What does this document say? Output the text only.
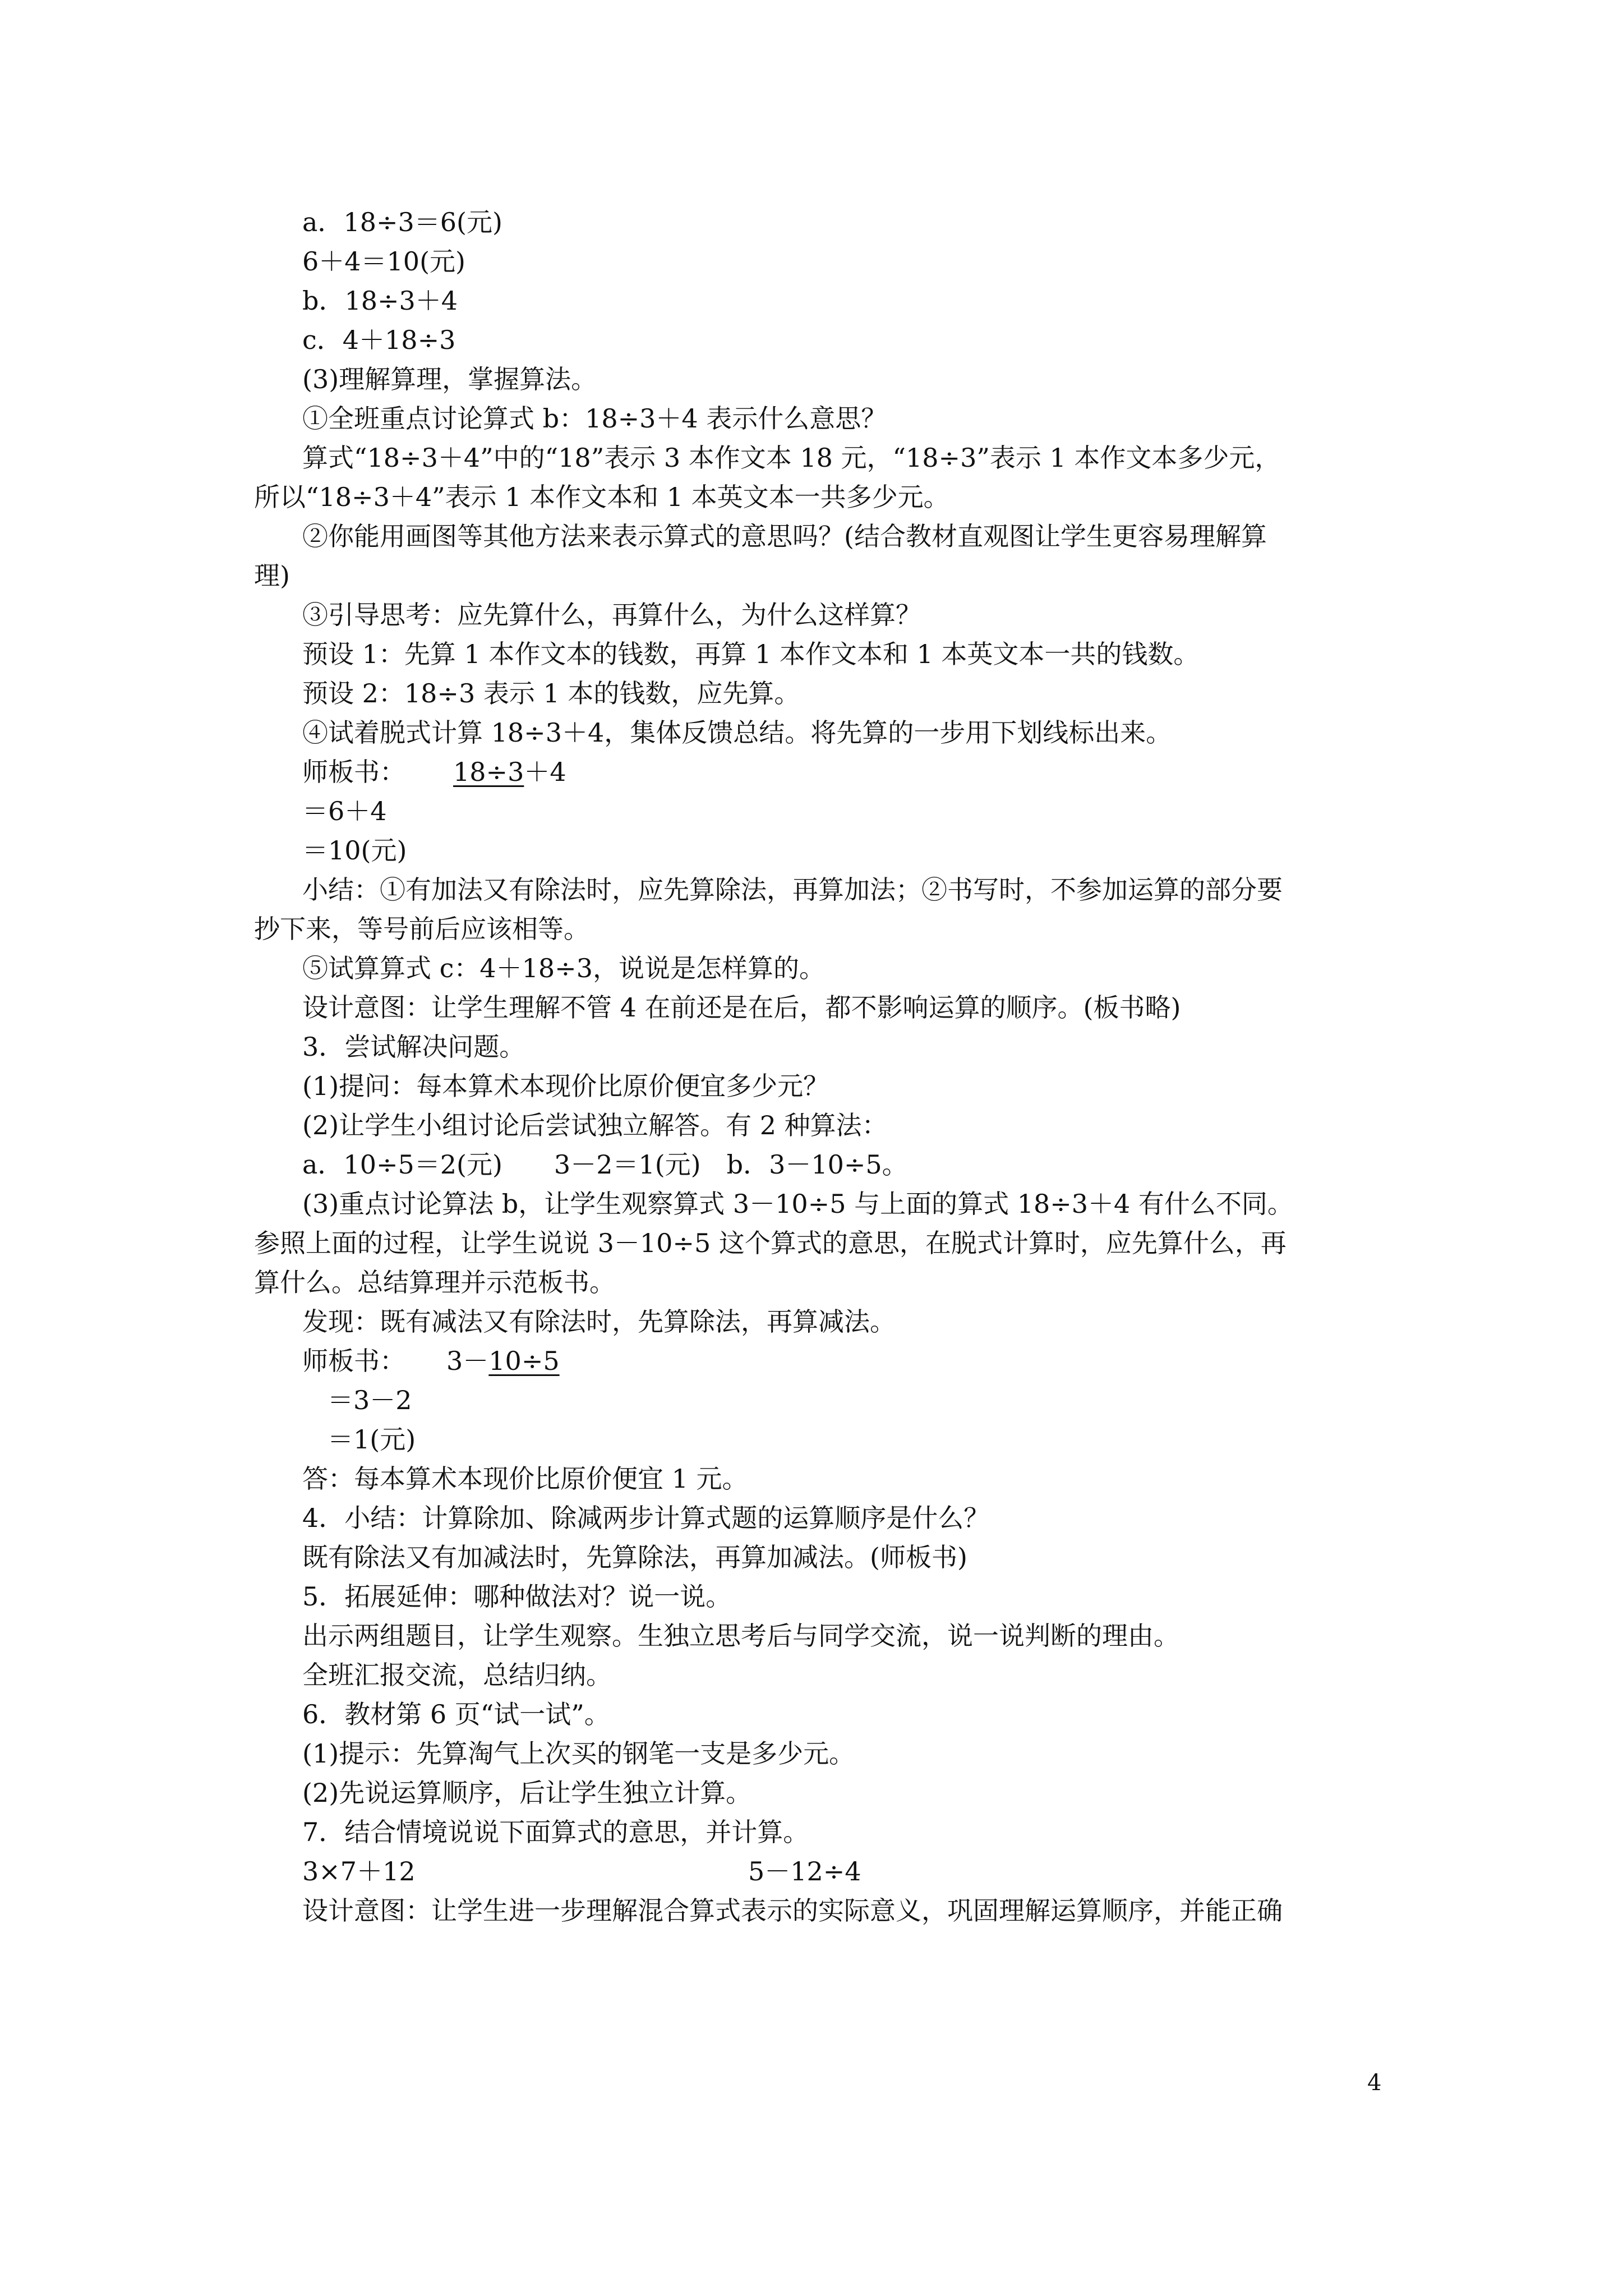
a．18÷3＝6(元)
6＋4＝10(元)
b．18÷3＋4
c．4＋18÷3
(3)理解算理，掌握算法。
①全班重点讨论算式 b：18÷3＋4 表示什么意思？
算式“18÷3＋4”中的“18”表示 3 本作文本 18 元，“18÷3”表示 1 本作文本多少元，
所以“18÷3＋4”表示 1 本作文本和 1 本英文本一共多少元。
②你能用画图等其他方法来表示算式的意思吗？(结合教材直观图让学生更容易理解算
理)
③引导思考：应先算什么，再算什么，为什么这样算？
预设 1：先算 1 本作文本的钱数，再算 1 本作文本和 1 本英文本一共的钱数。
预设 2：18÷3 表示 1 本的钱数，应先算。
④试着脱式计算 18÷3＋4，集体反馈总结。将先算的一步用下划线标出来。
师板书： 18÷3＋4
＝6＋4
＝10(元)
小结：①有加法又有除法时，应先算除法，再算加法；②书写时，不参加运算的部分要
抄下来，等号前后应该相等。
⑤试算算式 c：4＋18÷3，说说是怎样算的。
设计意图：让学生理解不管 4 在前还是在后，都不影响运算的顺序。(板书略)
3．尝试解决问题。
(1)提问：每本算术本现价比原价便宜多少元？
(2)让学生小组讨论后尝试独立解答。有 2 种算法：
a．10÷5＝2(元)　　3－2＝1(元)　b．3－10÷5。
(3)重点讨论算法 b，让学生观察算式 3－10÷5 与上面的算式 18÷3＋4 有什么不同。
参照上面的过程，让学生说说 3－10÷5 这个算式的意思，在脱式计算时，应先算什么，再
算什么。总结算理并示范板书。
发现：既有减法又有除法时，先算除法，再算减法。
师板书： 3－10÷5
＝3－2
＝1(元)
答：每本算术本现价比原价便宜 1 元。
4．小结：计算除加、除减两步计算式题的运算顺序是什么？
既有除法又有加减法时，先算除法，再算加减法。(师板书)
5．拓展延伸：哪种做法对？说一说。
出示两组题目，让学生观察。生独立思考后与同学交流，说一说判断的理由。
全班汇报交流，总结归纳。
6．教材第 6 页“试一试”。
(1)提示：先算淘气上次买的钢笔一支是多少元。
(2)先说运算顺序，后让学生独立计算。
7．结合情境说说下面算式的意思，并计算。
3×7＋12	5－12÷4
设计意图：让学生进一步理解混合算式表示的实际意义，巩固理解运算顺序，并能正确
4
